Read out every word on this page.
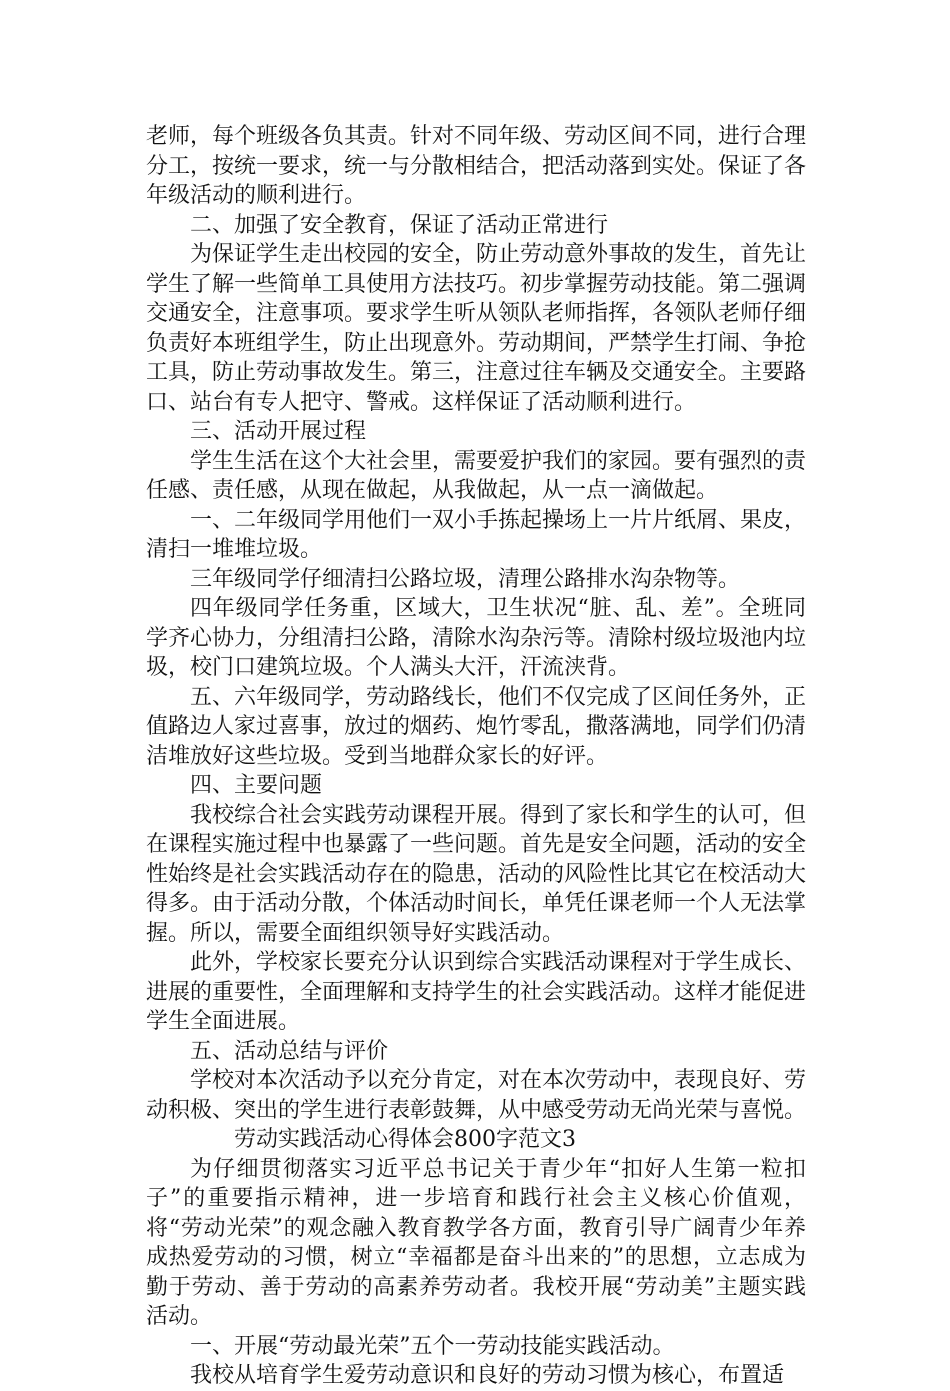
老师，每个班级各负其责。针对不同年级、劳动区间不同，进行合理分工，按统一要求，统一与分散相结合，把活动落到实处。保证了各年级活动的顺利进行。

二、加强了安全教育，保证了活动正常进行

为保证学生走出校园的安全，防止劳动意外事故的发生，首先让学生了解一些简单工具使用方法技巧。初步掌握劳动技能。第二强调交通安全，注意事项。要求学生听从领队老师指挥，各领队老师仔细负责好本班组学生，防止出现意外。劳动期间，严禁学生打闹、争抢工具，防止劳动事故发生。第三，注意过往车辆及交通安全。主要路口、站台有专人把守、警戒。这样保证了活动顺利进行。

三、活动开展过程

学生生活在这个大社会里，需要爱护我们的家园。要有强烈的责任感、责任感，从现在做起，从我做起，从一点一滴做起。

一、二年级同学用他们一双小手拣起操场上一片片纸屑、果皮，清扫一堆堆垃圾。

三年级同学仔细清扫公路垃圾，清理公路排水沟杂物等。

四年级同学任务重，区域大，卫生状况“脏、乱、差”。全班同学齐心协力，分组清扫公路，清除水沟杂污等。清除村级垃圾池内垃圾，校门口建筑垃圾。个人满头大汗，汗流浃背。

五、六年级同学，劳动路线长，他们不仅完成了区间任务外，正值路边人家过喜事，放过的烟药、炮竹零乱，撒落满地，同学们仍清洁堆放好这些垃圾。受到当地群众家长的好评。

四、主要问题

我校综合社会实践劳动课程开展。得到了家长和学生的认可，但在课程实施过程中也暴露了一些问题。首先是安全问题，活动的安全性始终是社会实践活动存在的隐患，活动的风险性比其它在校活动大得多。由于活动分散，个体活动时间长，单凭任课老师一个人无法掌握。所以，需要全面组织领导好实践活动。

此外，学校家长要充分认识到综合实践活动课程对于学生成长、进展的重要性，全面理解和支持学生的社会实践活动。这样才能促进学生全面进展。

五、活动总结与评价

学校对本次活动予以充分肯定，对在本次劳动中，表现良好、劳动积极、突出的学生进行表彰鼓舞，从中感受劳动无尚光荣与喜悦。

劳动实践活动心得体会800字范文3

为仔细贯彻落实习近平总书记关于青少年“扣好人生第一粒扣子”的重要指示精神，进一步培育和践行社会主义核心价值观，将“劳动光荣”的观念融入教育教学各方面，教育引导广阔青少年养成热爱劳动的习惯，树立“幸福都是奋斗出来的”的思想，立志成为勤于劳动、善于劳动的高素养劳动者。我校开展“劳动美”主题实践活动。

一、开展“劳动最光荣”五个一劳动技能实践活动。

我校从培育学生爱劳动意识和良好的劳动习惯为核心，布置适
